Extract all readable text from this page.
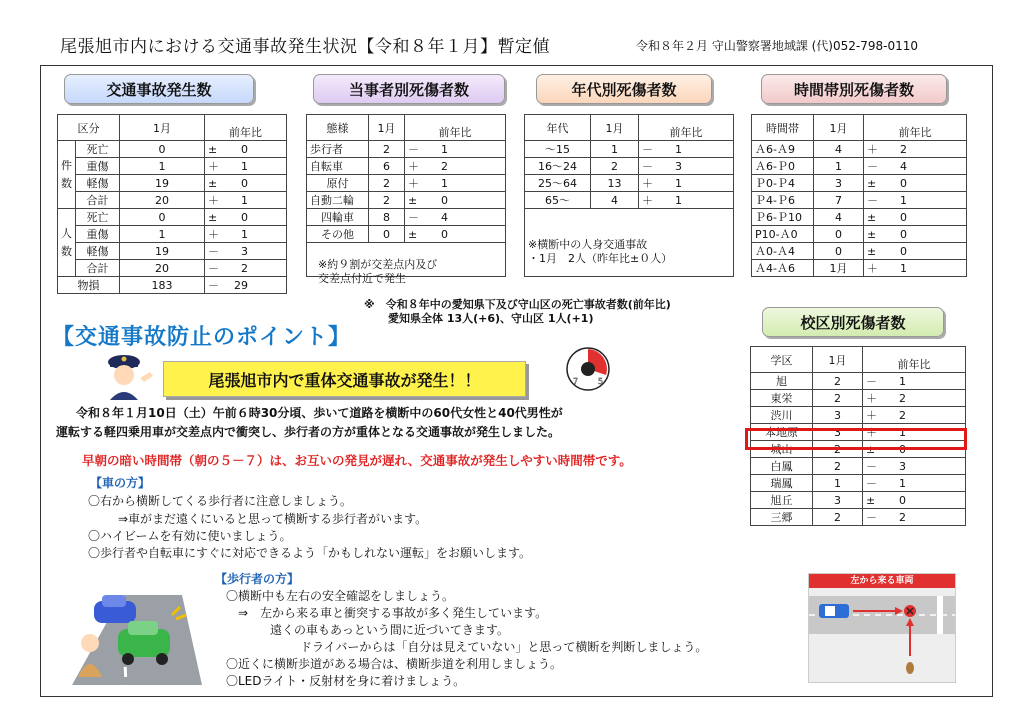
尾張旭市内における交通事故発生状況【令和８年１月】暫定値	令和８年２月 守山警察署地域課 (代)052-798-0110
交通事故発生数
区分		1月	前年比
件数	死亡	0	± 0
	重傷	1	＋ 1
	軽傷	19	± 0
	合計	20	＋ 1
人数	死亡	0	± 0
	重傷	1	＋ 1
	軽傷	19	－ 3
	合計	20	－ 2
物損		183	－ 29
当事者別死傷者数
態様	1月	前年比
歩行者	2	－ 1
自転車	6	＋ 2
原付	2	＋ 1
自動二輪	2	± 0
四輪車	8	－ 4
その他	0	± 0

※約９割が交差点内及び
交差点付近で発生
年代別死傷者数
年代	1月	前年比
～15	1	－ 1
16～24	2	－ 3
25～64	13	＋ 1
65～	4	＋ 1

※横断中の人身交通事故
・1月　2人（昨年比±０人）
時間帯別死傷者数
時間帯	1月	前年比
Ａ6-Ａ9	4	＋ 2
Ａ6-Ｐ0	1	－ 4
Ｐ0-Ｐ4	3	± 0
Ｐ4-Ｐ6	7	－ 1
Ｐ6-Ｐ10	4	± 0
P10-Ａ0	0	± 0
Ａ0-Ａ4	0	± 0
Ａ4-Ａ6	1月	＋ 1
※　令和８年中の愛知県下及び守山区の死亡事故者数(前年比)
愛知県全体 13人(+6)、守山区 1人(+1)	校区別死傷者数
学区	1月	前年比
旭	2	－ 1
東栄	2	＋ 2
渋川	3	＋ 2
本地原	3	＋ 1
城山	2	± 0
白鳳	2	－ 3
瑞鳳	1	－ 1
旭丘	3	± 0
三郷	2	－ 2
【交通事故防止のポイント】
尾張旭市内で重体交通事故が発生！！	7 5
令和８年１月10日（土）午前６時30分頃、歩いて道路を横断中の60代女性と40代男性が
運転する軽四乗用車が交差点内で衝突し、歩行者の方が重体となる交通事故が発生しました。
早朝の暗い時間帯（朝の５－７）は、お互いの発見が遅れ、交通事故が発生しやすい時間帯です。
【車の方】
〇右から横断してくる歩行者に注意しましょう。
⇒車がまだ遠くにいると思って横断する歩行者がいます。
〇ハイビームを有効に使いましょう。
〇歩行者や自転車にすぐに対応できるよう「かもしれない運転」をお願いします。
【歩行者の方】
〇横断中も左右の安全確認をしましょう。
⇒　左から来る車と衝突する事故が多く発生しています。
遠くの車もあっという間に近づいてきます。
ドライバーからは「自分は見えていない」と思って横断を判断しましょう。
〇近くに横断歩道がある場合は、横断歩道を利用しましょう。
〇LEDライト・反射材を身に着けましょう。
左から来る車両
